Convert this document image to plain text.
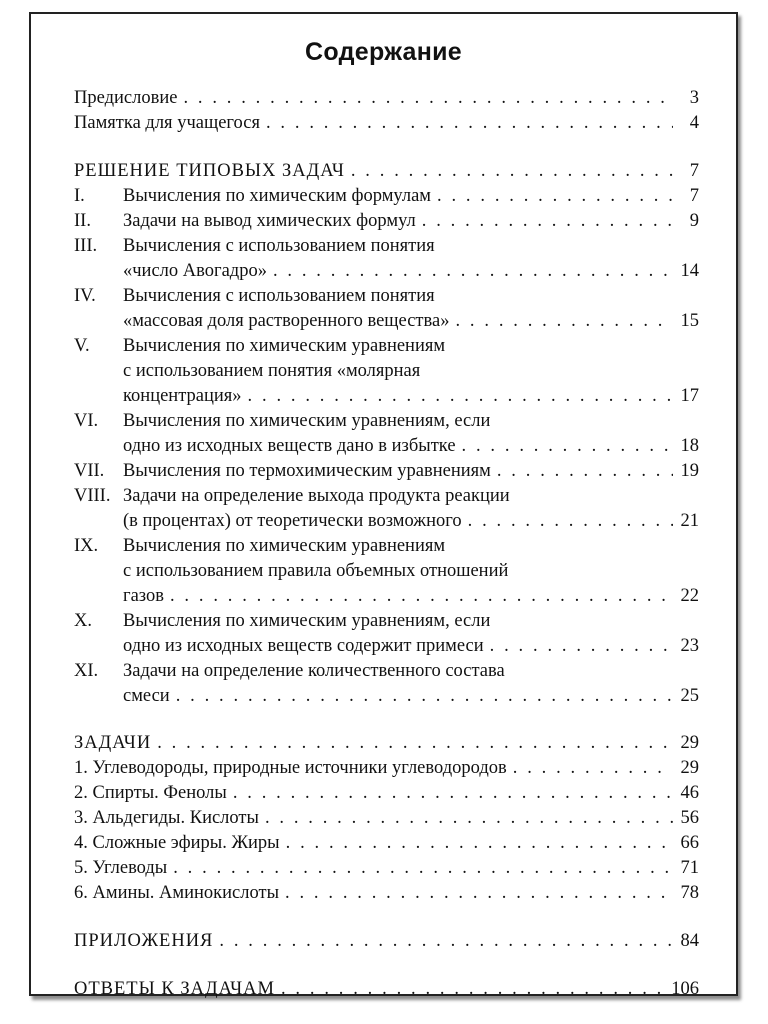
Содержание
Предисловие . . .	3
Памятка для учащегося . . .	4
РЕШЕНИЕ ТИПОВЫХ ЗАДАЧ . . .	7
I.	Вычисления по химическим формулам . . .	7
II.	Задачи на вывод химических формул . . .	9
III.	Вычисления с использованием понятия
«число Авогадро» . . .	14
IV.	Вычисления с использованием понятия
«массовая доля растворенного вещества» . . .	15
V.	Вычисления по химическим уравнениям
с использованием понятия «молярная
концентрация» . . .	17
VI.	Вычисления по химическим уравнениям, если
одно из исходных веществ дано в избытке . . .	18
VII.	Вычисления по термохимическим уравнениям . . .	19
VIII. Задачи на определение выхода продукта реакции
(в процентах) от теоретически возможного . . .	21
IX.	Вычисления по химическим уравнениям
с использованием правила объемных отношений
газов . . .	22
X.	Вычисления по химическим уравнениям, если
одно из исходных веществ содержит примеси . . .	23
XI.	Задачи на определение количественного состава
смеси . . .	25
ЗАДАЧИ . . .	29
1. Углеводороды, природные источники углеводородов . . .	29
2. Спирты. Фенолы . . .	46
3. Альдегиды. Кислоты . . .	56
4. Сложные эфиры. Жиры . . .	66
5. Углеводы . . .	71
6. Амины. Аминокислоты . . .	78
ПРИЛОЖЕНИЯ . . .	84
ОТВЕТЫ К ЗАДАЧАМ . . .	106
